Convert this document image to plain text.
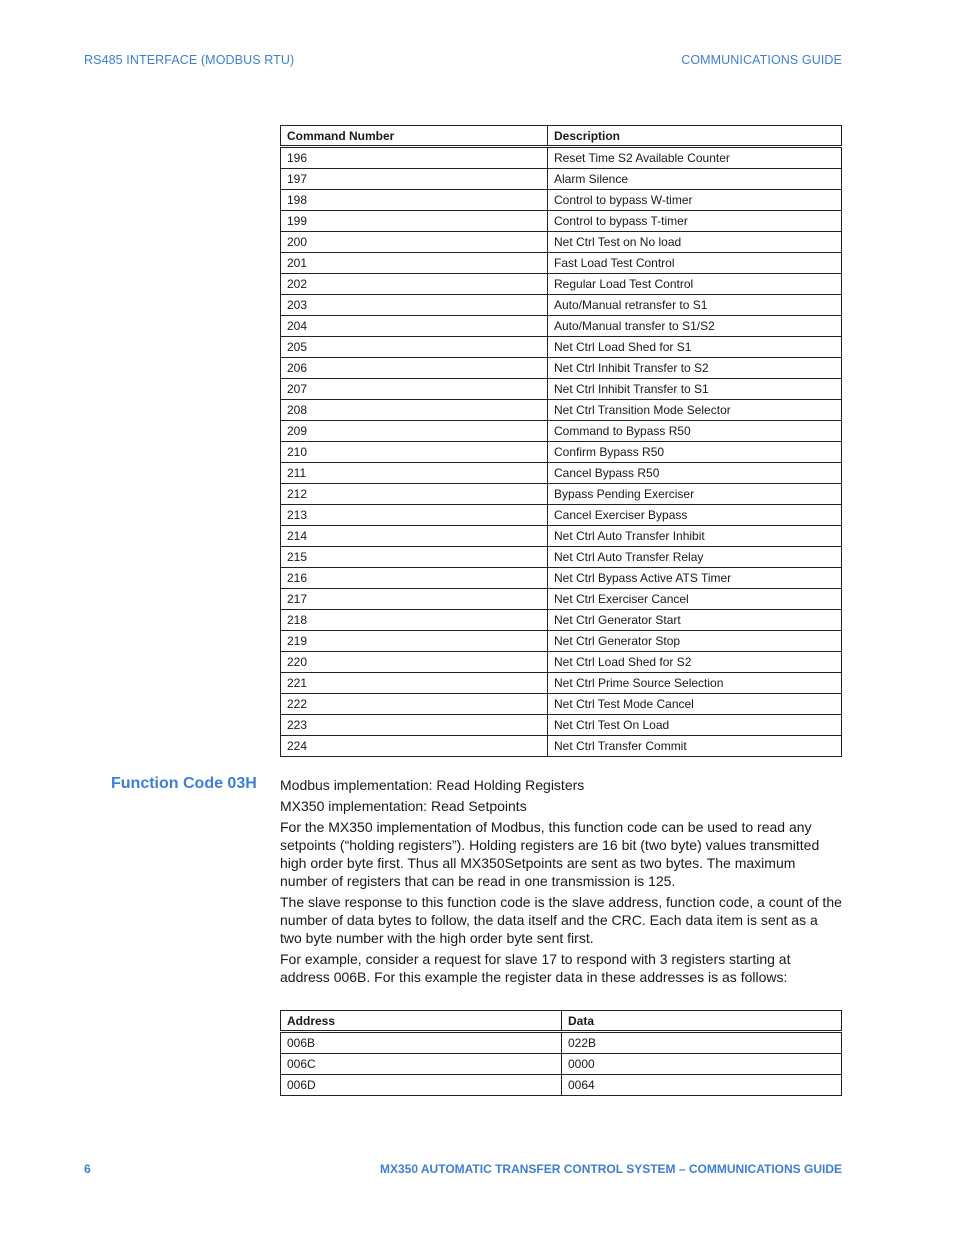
RS485 INTERFACE (MODBUS RTU)	COMMUNICATIONS GUIDE
Command Number	Description
196	Reset Time S2 Available Counter
197	Alarm Silence
198	Control to bypass W-timer
199	Control to bypass T-timer
200	Net Ctrl Test on No load
201	Fast Load Test Control
202	Regular Load Test Control
203	Auto/Manual retransfer to S1
204	Auto/Manual transfer to S1/S2
205	Net Ctrl Load Shed for S1
206	Net Ctrl Inhibit Transfer to S2
207	Net Ctrl Inhibit Transfer to S1
208	Net Ctrl Transition Mode Selector
209	Command to Bypass R50
210	Confirm Bypass R50
211	Cancel Bypass R50
212	Bypass Pending Exerciser
213	Cancel Exerciser Bypass
214	Net Ctrl Auto Transfer Inhibit
215	Net Ctrl Auto Transfer Relay
216	Net Ctrl Bypass Active ATS Timer
217	Net Ctrl Exerciser Cancel
218	Net Ctrl Generator Start
219	Net Ctrl Generator Stop
220	Net Ctrl Load Shed for S2
221	Net Ctrl Prime Source Selection
222	Net Ctrl Test Mode Cancel
223	Net Ctrl Test On Load
224	Net Ctrl Transfer Commit
Function Code 03H Modbus implementation: Read Holding Registers

MX350 implementation: Read Setpoints

For the MX350 implementation of Modbus, this function code can be used to read any setpoints (“holding registers”). Holding registers are 16 bit (two byte) values transmitted high order byte first. Thus all MX350Setpoints are sent as two bytes. The maximum number of registers that can be read in one transmission is 125.

The slave response to this function code is the slave address, function code, a count of the number of data bytes to follow, the data itself and the CRC. Each data item is sent as a two byte number with the high order byte sent first.

For example, consider a request for slave 17 to respond with 3 registers starting at address 006B. For this example the register data in these addresses is as follows:

Address	Data
006B	022B
006C	0000
006D	0064
6	MX350 AUTOMATIC TRANSFER CONTROL SYSTEM – COMMUNICATIONS GUIDE
